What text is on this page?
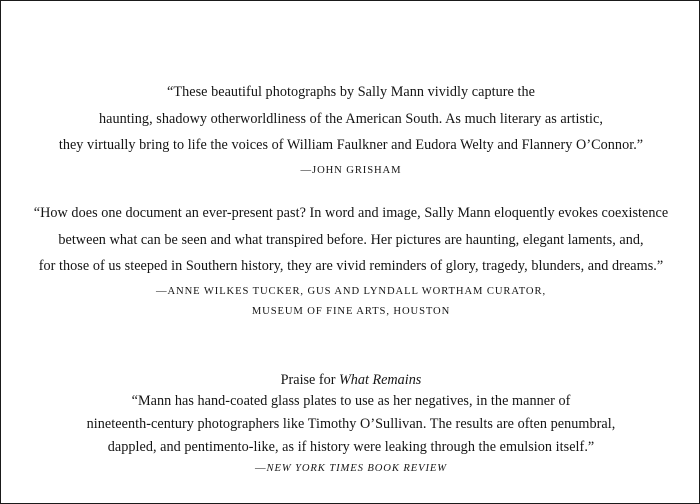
“These beautiful photographs by Sally Mann vividly capture the
haunting, shadowy otherworldliness of the American South. As much literary as artistic,
they virtually bring to life the voices of William Faulkner and Eudora Welty and Flannery O’Connor.”
—JOHN GRISHAM
“How does one document an ever-present past? In word and image, Sally Mann eloquently evokes coexistence
between what can be seen and what transpired before. Her pictures are haunting, elegant laments, and,
for those of us steeped in Southern history, they are vivid reminders of glory, tragedy, blunders, and dreams.”
—ANNE WILKES TUCKER, GUS AND LYNDALL WORTHAM CURATOR,
MUSEUM OF FINE ARTS, HOUSTON
Praise for What Remains
“Mann has hand-coated glass plates to use as her negatives, in the manner of
nineteenth-century photographers like Timothy O’Sullivan. The results are often penumbral,
dappled, and pentimento-like, as if history were leaking through the emulsion itself.”
—NEW YORK TIMES BOOK REVIEW
